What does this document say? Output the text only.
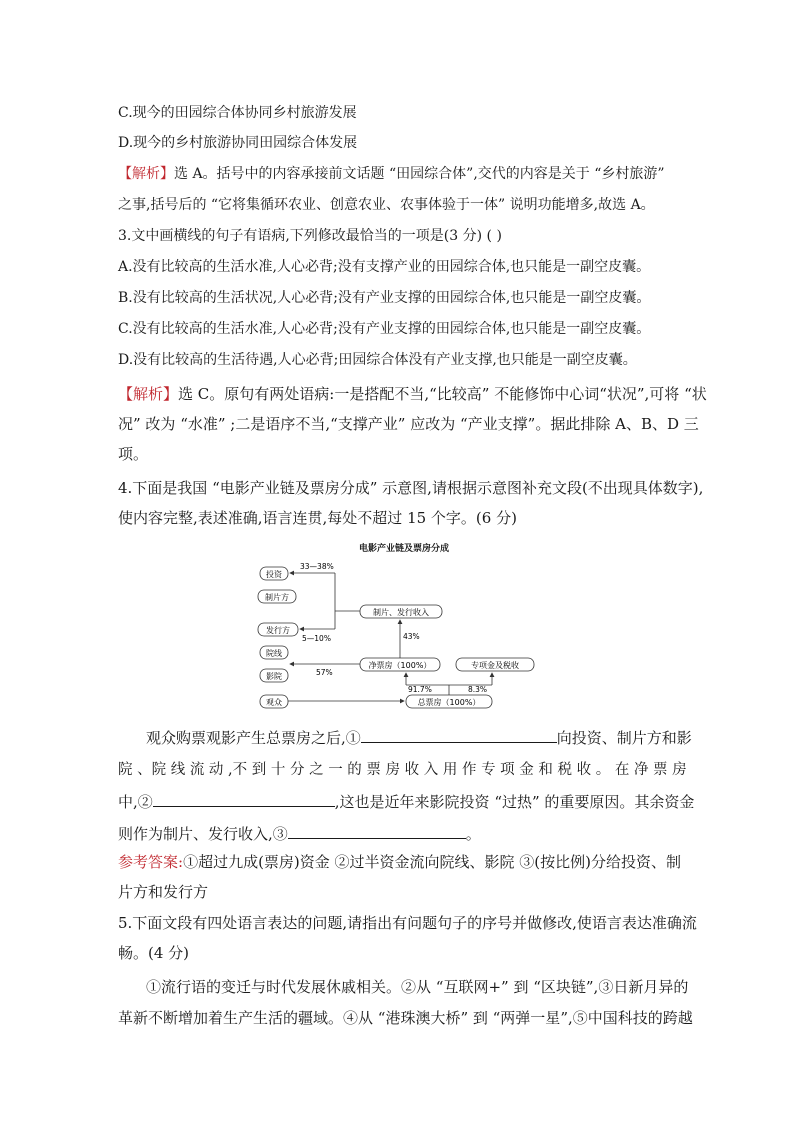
C.现今的田园综合体协同乡村旅游发展
D.现今的乡村旅游协同田园综合体发展
【解析】选 A。括号中的内容承接前文话题 “田园综合体”,交代的内容是关于 “乡村旅游”
之事,括号后的 “它将集循环农业、创意农业、农事体验于一体” 说明功能增多,故选 A。
3.文中画横线的句子有语病,下列修改最恰当的一项是(3 分) ( )
A.没有比较高的生活水准,人心必背;没有支撑产业的田园综合体,也只能是一副空皮囊。
B.没有比较高的生活状况,人心必背;没有产业支撑的田园综合体,也只能是一副空皮囊。
C.没有比较高的生活水准,人心必背;没有产业支撑的田园综合体,也只能是一副空皮囊。
D.没有比较高的生活待遇,人心必背;田园综合体没有产业支撑,也只能是一副空皮囊。
【解析】选 C。原句有两处语病:一是搭配不当,“比较高” 不能修饰中心词“状况”,可将 “状
况” 改为 “水准” ;二是语序不当,“支撑产业” 应改为 “产业支撑”。据此排除 A、B、D 三
项。
4.下面是我国 “电影产业链及票房分成” 示意图,请根据示意图补充文段(不出现具体数字),
使内容完整,表述准确,语言连贯,每处不超过 15 个字。(6 分)
电影产业链及票房分成
投资
制片方
发行方
院线
影院
观众
制片、发行收入
净票房（100%）	专项金及税收
总票房（100%）
33—38%
5—10%	43%
57%
91.7%	8.3%
观众购票观影产生总票房之后,①	向投资、制片方和影
院 、院 线 流 动 ,不 到 十 分 之 一 的 票 房 收 入 用 作 专 项 金 和 税 收 。 在 净 票 房
中,②	,这也是近年来影院投资 “过热” 的重要原因。其余资金
则作为制片、发行收入,③	。
参考答案:①超过九成(票房)资金 ②过半资金流向院线、影院 ③(按比例)分给投资、制
片方和发行方
5.下面文段有四处语言表达的问题,请指出有问题句子的序号并做修改,使语言表达准确流
畅。(4 分)
①流行语的变迁与时代发展休戚相关。②从 “互联网+” 到 “区块链”,③日新月异的
革新不断增加着生产生活的疆域。④从 “港珠澳大桥” 到 “两弹一星”,⑤中国科技的跨越
